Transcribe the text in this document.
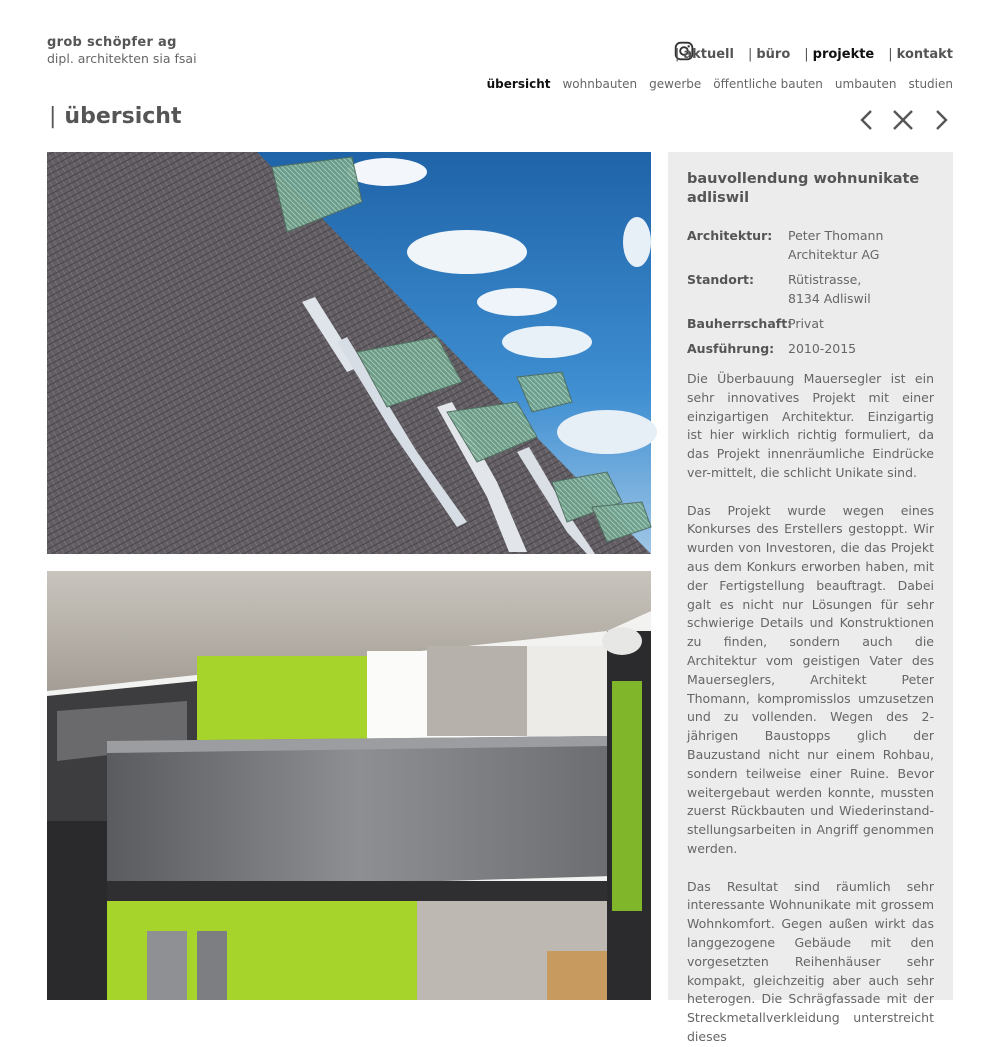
grob schöpfer ag
dipl. architekten sia fsai	| aktuell | büro | projekte | kontakt
übersicht wohnbauten gewerbe öffentliche bauten umbauten studien
| übersicht
bauvollendung wohnunikate adliswil
Architektur:	Peter Thomann
Architektur AG
Standort:	Rütistrasse,
8134 Adliswil
Bauherrschaft:
Privat
Ausführung:	2010-2015

Die Überbauung Mauersegler ist ein sehr innovatives Projekt mit einer einzigartigen Architektur. Einzigartig ist hier wirklich richtig formuliert, da das Projekt innenräumliche Eindrücke ver-mittelt, die schlicht Unikate sind.

Das Projekt wurde wegen eines Konkurses des Erstellers gestoppt. Wir wurden von Investoren, die das Projekt aus dem Konkurs erworben haben, mit der Fertigstellung beauftragt. Dabei galt es nicht nur Lösungen für sehr schwierige Details und Konstruktionen zu finden, sondern auch die Architektur vom geistigen Vater des Mauerseglers, Architekt Peter Thomann, kompromisslos umzusetzen und zu vollenden. Wegen des 2-jährigen Baustopps glich der Bauzustand nicht nur einem Rohbau, sondern teilweise einer Ruine. Bevor weitergebaut werden konnte, mussten zuerst Rückbauten und Wiederinstand-stellungsarbeiten in Angriff genommen werden.

Das Resultat sind räumlich sehr interessante Wohnunikate mit grossem Wohnkomfort. Gegen außen wirkt das langgezogene Gebäude mit den vorgesetzten Reihenhäuser sehr kompakt, gleichzeitig aber auch sehr heterogen. Die Schrägfassade mit der Streckmetallverkleidung unterstreicht dieses
